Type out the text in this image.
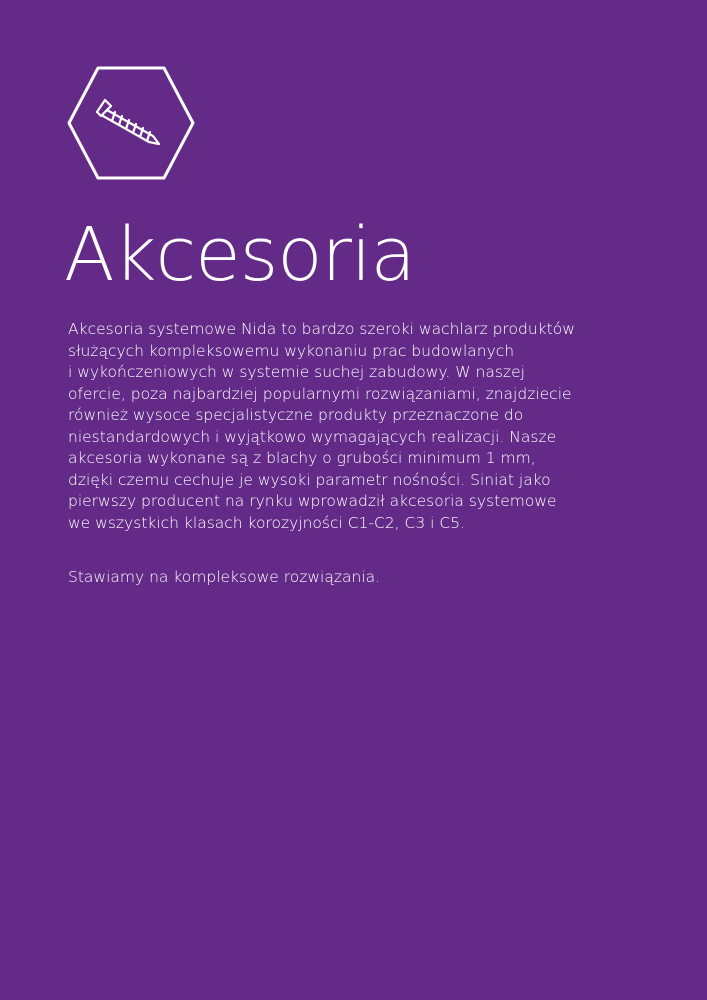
Akcesoria

Akcesoria systemowe Nida to bardzo szeroki wachlarz produktów
służących kompleksowemu wykonaniu prac budowlanych
i wykończeniowych w systemie suchej zabudowy. W naszej
ofercie, poza najbardziej popularnymi rozwiązaniami, znajdziecie
również wysoce specjalistyczne produkty przeznaczone do
niestandardowych i wyjątkowo wymagających realizacji. Nasze
akcesoria wykonane są z blachy o grubości minimum 1 mm,
dzięki czemu cechuje je wysoki parametr nośności. Siniat jako
pierwszy producent na rynku wprowadził akcesoria systemowe
we wszystkich klasach korozyjności C1-C2, C3 i C5.

Stawiamy na kompleksowe rozwiązania.
